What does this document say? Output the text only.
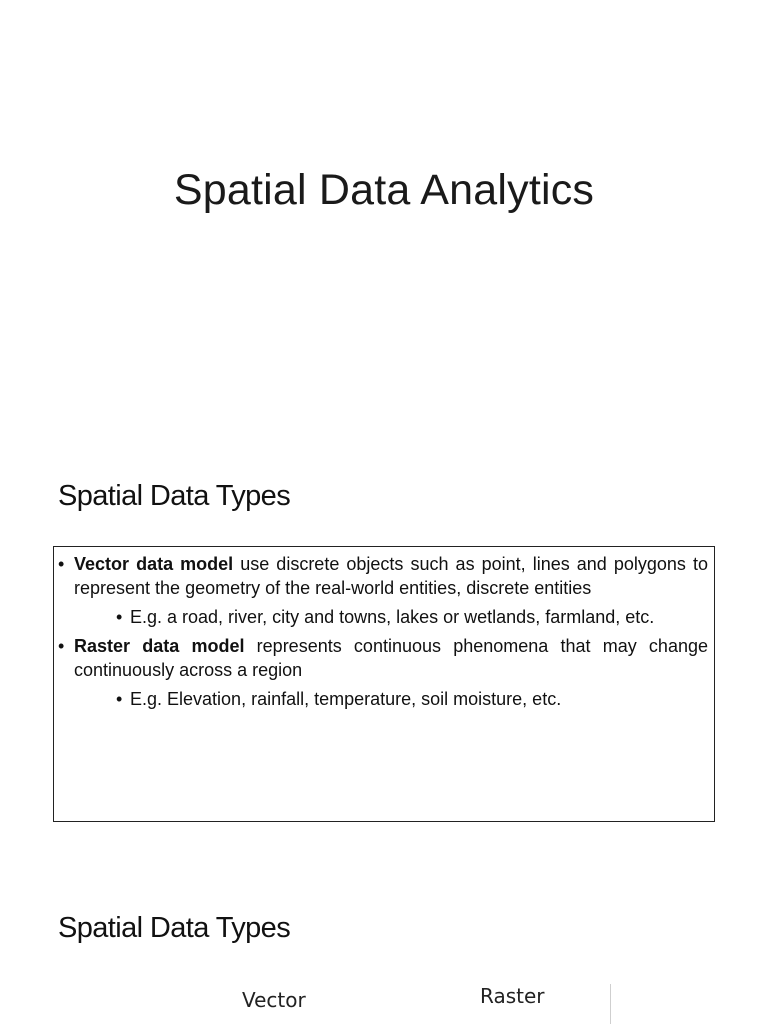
Spatial Data Analytics
Spatial Data Types
• Vector data model use discrete objects such as point, lines and polygons to represent the geometry of the real-world entities, discrete entities
• E.g. a road, river, city and towns, lakes or wetlands, farmland, etc.
• Raster data model represents continuous phenomena that may change continuously across a region
• E.g. Elevation, rainfall, temperature, soil moisture, etc.
Spatial Data Types
Vector	Raster
